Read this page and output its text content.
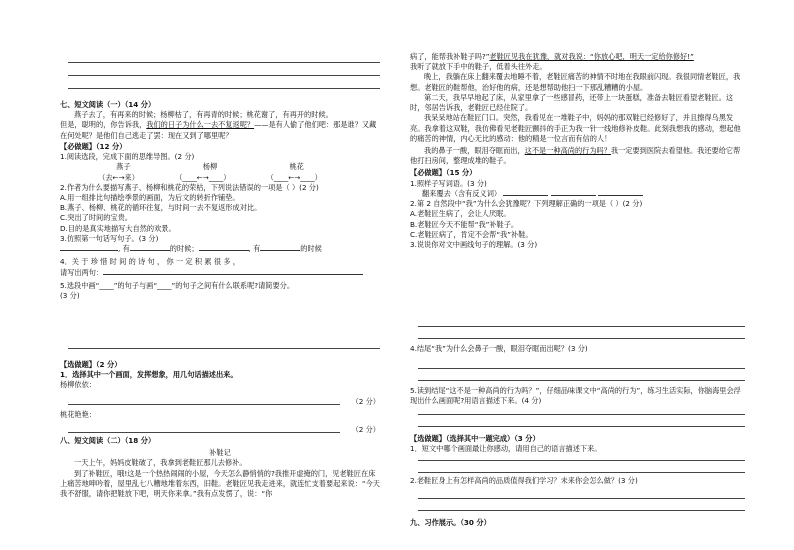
七、短文阅读（一）（14 分）

燕子去了，有再来的时候；杨柳枯了，有再青的时候；桃花谢了，有再开的时候。

但是，聪明的，你告诉我，我们的日子为什么一去不复返呢？——是有人偷了他们吧：那是谁？又藏在何处呢？是他们自己逃走了罢：现在又到了哪里呢？

【必做题】（12 分）

1.阅读选段，完成下面的思维导图。(2 分)

燕子	杨柳	桃花
（去←→来）	（____←→____）	（____←→____）

2.作者为什么要描写燕子、杨柳和桃花的荣枯，下列说法错误的一项是（ ）(2 分)

A.用一组排比句描绘季景的画面，为后文的转折作铺垫。

B.燕子、杨柳、桃花的循环往复，与时间一去不复返形成对比。

C.突出了时间的宝贵。

D.目的是真实地描写大自然的欢景。

3.仿照第一句话写句子。(3 分)

, 有	的时候；	, 有	的时候

4．关 于 珍 惜 时 间 的 诗 句 ， 你 一 定 积 累 很 多 ，

请写出两句：

5.选段中画“____”的句子与画“____”的句子之间有什么联系呢?请简要分。

(3 分)

【选做题】（2 分）

1．选择其中一个画面，发挥想象，用几句话描述出来。

杨柳依依：

（2 分）

桃花艳艳：

（2 分）

八、短文阅读（二）（18 分）

补鞋记

一天上午，妈妈皮鞋破了，我拿到老鞋匠那儿去修补。

到了补鞋匠，哦!这是一个热热闹闹的小屋，今天怎么静悄悄的?我推开虚掩的门，见老鞋匠在床上痛苦地呻吟着，屋里乱七八糟地堆着东西，旧鞋。老鞋匠见我走进来，就连忙支着要起来说：“今天我不舒服，请你把鞋放下吧，明天你来拿。”我有点发愣了，说：“你

病了，能帮我补鞋子吗?”老鞋匠见我在犹豫，就对我说：“你放心吧，明天一定给你修好!”

我听了就放下手中的鞋子，低着头往外走。

晚上，我躺在床上翻来覆去地睡不着，老鞋匠痛苦的神情不时地在我眼前闪现。我很同情老鞋匠，我想。老鞋匠的鞋帮他，治好他的病，还是想帮助他扫一下那乱糟糟的小屋。

第二天，我早早地起了床，从家里拿了一些感冒药，还带上一块蛋糕，准备去鞋匠看望老鞋匠。这时，邻居告诉我，老鞋匠已经住院了。

我呆呆地站在鞋匠门口。突然，我看见在一堆鞋子中，妈妈的那双鞋已经修好了，并且擦得乌黑发亮。我拿着这双鞋，我仿佛看见老鞋匠颤抖的手正为我一针一线地修补皮鞋。此刻我想我的感动，想起他的痛苦的神情，内心无比的感动：他的精是一位言而有信的人！

我的鼻子一酸，眼泪夺眶而出，这不是一种高尚的行为吗？我一定要到医院去看望他。我还要给它帮他打扫房间，整理成堆的鞋子。

【必做题】（15 分）

1.照样子写词语。(3 分)

翻来覆去（含有反义词）

2.第 2 自然段中“我”为什么会犹豫呢？下列理解正确的一项是（ ）(2 分)

A.老鞋匠生病了，会让人厌眠。

B.老鞋匠今天不能帮“我”补鞋子。

C.老鞋匠病了，肯定不会帮“我”补鞋。

3.说说你对文中画线句子的理解。(3 分)

4.结尾“我”为什么会鼻子一酸，眼泪夺眶而出呢？(3 分)

5.读到结尾“这不是一种高尚的行为吗？”，仔细品味课文中“高尚的行为”，练习生活实际，你脑海里会浮现出什么画面呢?用语言描述下来。(4 分)

【选做题】（选择其中一题完成）（3 分）

1．短文中哪个画面最让你感动，请用自己的语言描述下来。

2.老鞋匠身上有怎样高尚的品质值得我们学习？未来你会怎么做？(3 分)

九、习作展示。（30 分）
